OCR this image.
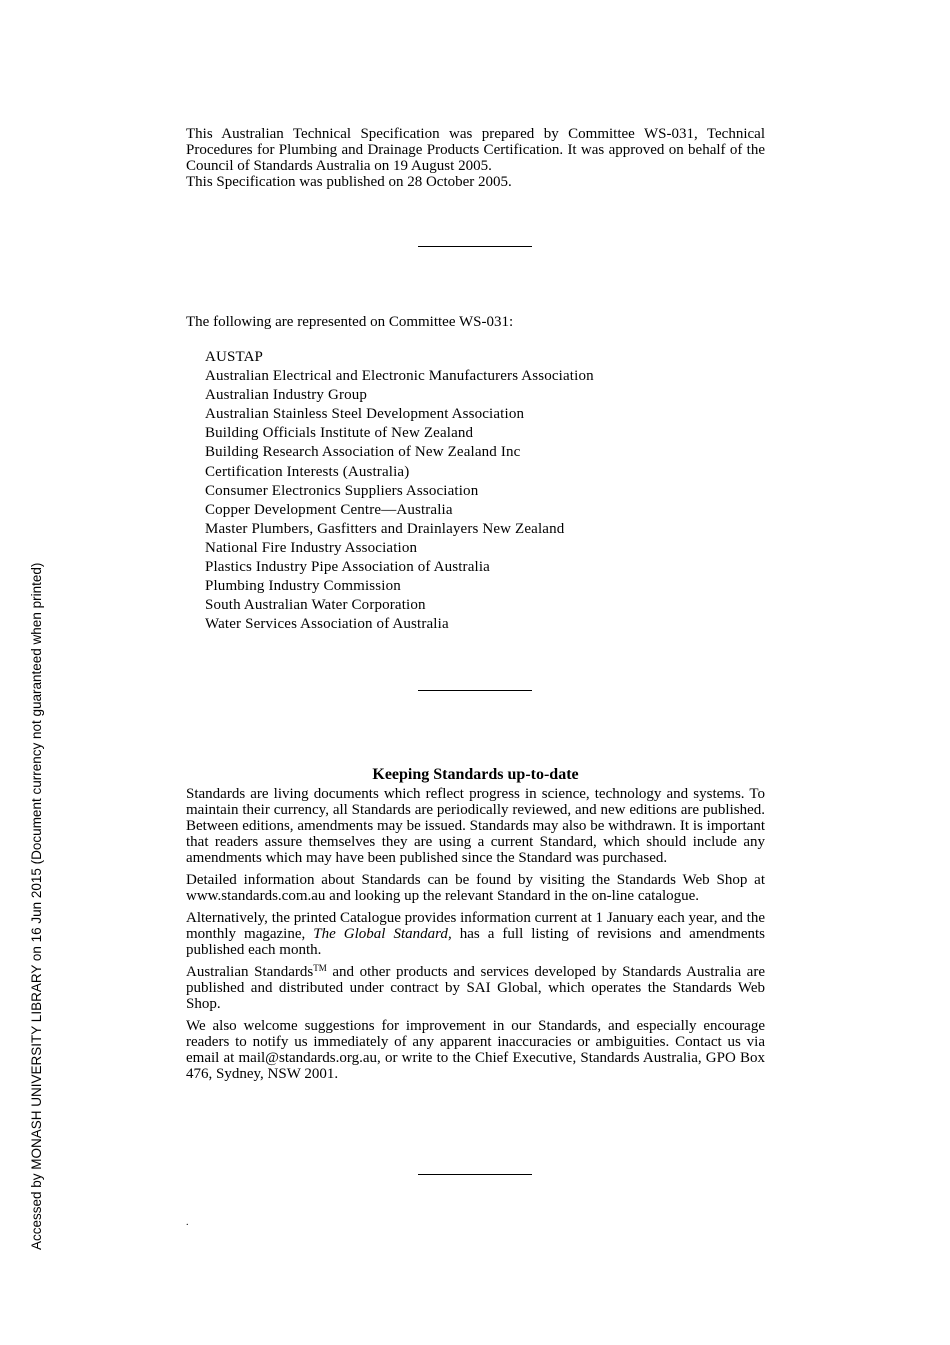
Accessed by MONASH UNIVERSITY LIBRARY on 16 Jun 2015 (Document currency not guaranteed when printed)

This Australian Technical Specification was prepared by Committee WS-031, Technical Procedures for Plumbing and Drainage Products Certification. It was approved on behalf of the Council of Standards Australia on 19 August 2005.

This Specification was published on 28 October 2005.

The following are represented on Committee WS-031:
AUSTAP
Australian Electrical and Electronic Manufacturers Association
Australian Industry Group
Australian Stainless Steel Development Association
Building Officials Institute of New Zealand
Building Research Association of New Zealand Inc
Certification Interests (Australia)
Consumer Electronics Suppliers Association
Copper Development Centre—Australia
Master Plumbers, Gasfitters and Drainlayers New Zealand
National Fire Industry Association
Plastics Industry Pipe Association of Australia
Plumbing Industry Commission
South Australian Water Corporation
Water Services Association of Australia
Keeping Standards up-to-date

Standards are living documents which reflect progress in science, technology and systems. To maintain their currency, all Standards are periodically reviewed, and new editions are published. Between editions, amendments may be issued. Standards may also be withdrawn. It is important that readers assure themselves they are using a current Standard, which should include any amendments which may have been published since the Standard was purchased.

Detailed information about Standards can be found by visiting the Standards Web Shop at www.standards.com.au and looking up the relevant Standard in the on-line catalogue.

Alternatively, the printed Catalogue provides information current at 1 January each year, and the monthly magazine, The Global Standard, has a full listing of revisions and amendments published each month.

Australian Standards™ and other products and services developed by Standards Australia are published and distributed under contract by SAI Global, which operates the Standards Web Shop.

We also welcome suggestions for improvement in our Standards, and especially encourage readers to notify us immediately of any apparent inaccuracies or ambiguities. Contact us via email at mail@standards.org.au, or write to the Chief Executive, Standards Australia, GPO Box 476, Sydney, NSW 2001.

.
